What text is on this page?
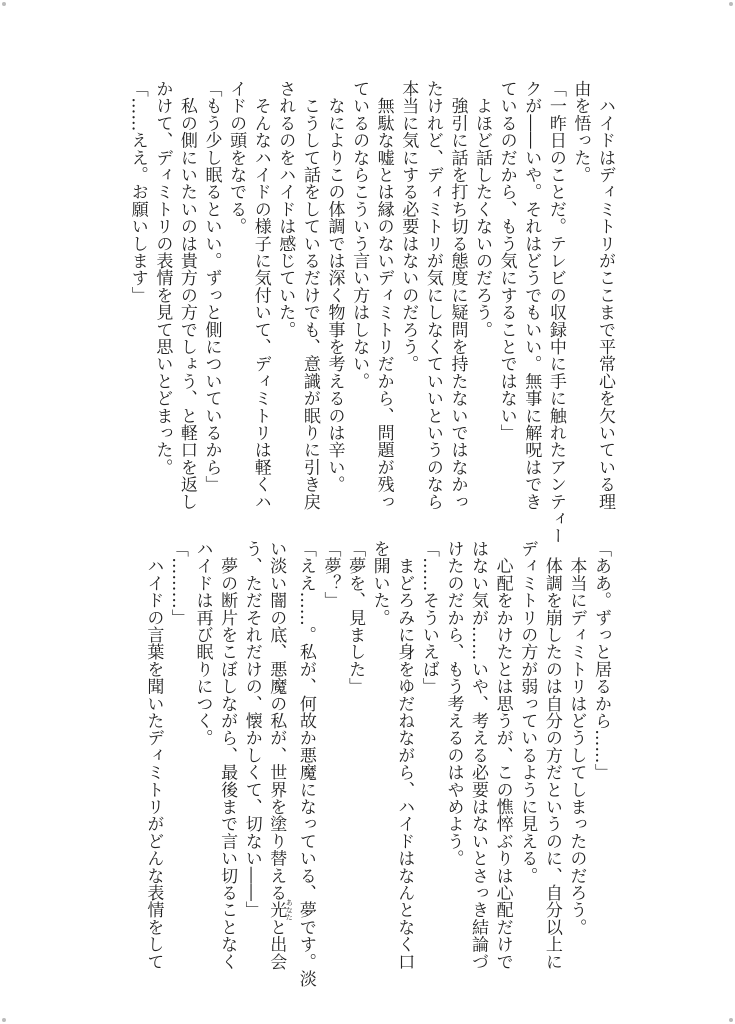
　ハイドはディミトリがここまで平常心を欠いている理
由を悟った。
「一昨日のことだ。テレビの収録中に手に触れたアンティー
クが――いや。それはどうでもいい。無事に解呪はでき
ているのだから、もう気にすることではない」
　よほど話したくないのだろう。
　強引に話を打ち切る態度に疑問を持たないではなかっ
たけれど、ディミトリが気にしなくていいというのなら
本当に気にする必要はないのだろう。
　無駄な嘘とは縁のないディミトリだから、問題が残っ
ているのならこういう言い方はしない。
　なによりこの体調では深く物事を考えるのは辛い。
　こうして話をしているだけでも、意識が眠りに引き戻
されるのをハイドは感じていた。
　そんなハイドの様子に気付いて、ディミトリは軽くハ
イドの頭をなでる。
「もう少し眠るといい。ずっと側についているから」
　私の側にいたいのは貴方の方でしょう、と軽口を返し
かけて、ディミトリの表情を見て思いとどまった。
「……ええ。お願いします」
「ああ。ずっと居るから……」
　本当にディミトリはどうしてしまったのだろう。
　体調を崩したのは自分の方だというのに、自分以上に
ディミトリの方が弱っているように見える。
　心配をかけたとは思うが、この憔悴ぶりは心配だけで
はない気が……いや、考える必要はないとさっき結論づ
けたのだから、もう考えるのはやめよう。
「……そういえば」
　まどろみに身をゆだねながら、ハイドはなんとなく口
を開いた。
「夢を、見ました」
「夢？」
「ええ……。私が、何故か悪魔になっている、夢です。淡
い淡い闇の底、悪魔の私が、世界を塗り替える光 あなたと出会
う、ただそれだけの、懐かしくて、切ない――」
　夢の断片をこぼしながら、最後まで言い切ることなく
ハイドは再び眠りにつく。
「………」
　ハイドの言葉を聞いたディミトリがどんな表情をして
